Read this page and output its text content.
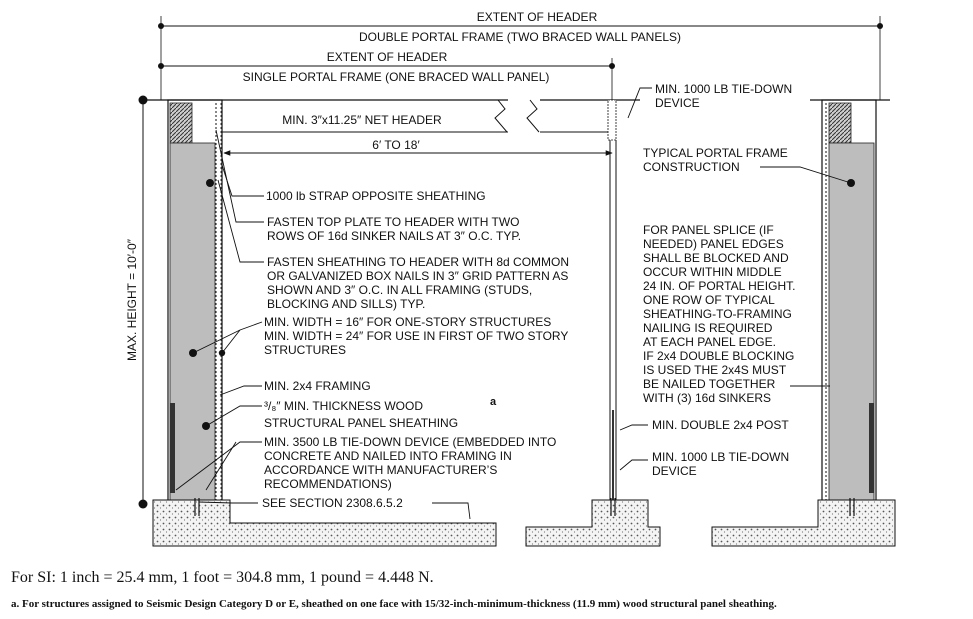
EXTENT OF HEADER
DOUBLE PORTAL FRAME (TWO BRACED WALL PANELS)
EXTENT OF HEADER
SINGLE PORTAL FRAME (ONE BRACED WALL PANEL)
MAX. HEIGHT = 10′-0″
MIN. 3″x11.25″ NET HEADER
6′ TO 18′
1000 lb STRAP OPPOSITE SHEATHING
FASTEN TOP PLATE TO HEADER WITH TWO
ROWS OF 16d SINKER NAILS AT 3″ O.C. TYP.
FASTEN SHEATHING TO HEADER WITH 8d COMMON
OR GALVANIZED BOX NAILS IN 3″ GRID PATTERN AS
SHOWN AND 3″ O.C. IN ALL FRAMING (STUDS,
BLOCKING AND SILLS) TYP.
MIN. WIDTH = 16″ FOR ONE-STORY STRUCTURES
MIN. WIDTH = 24″ FOR USE IN FIRST OF TWO STORY
STRUCTURES
MIN. 2x4 FRAMING
³/₈″ MIN. THICKNESS WOOD
STRUCTURAL PANEL SHEATHING
a
MIN. 3500 LB TIE-DOWN DEVICE (EMBEDDED INTO
CONCRETE AND NAILED INTO FRAMING IN
ACCORDANCE WITH MANUFACTURER’S
RECOMMENDATIONS)
SEE SECTION 2308.6.5.2
MIN. 1000 LB TIE-DOWN
DEVICE
TYPICAL PORTAL FRAME
CONSTRUCTION
FOR PANEL SPLICE (IF
NEEDED) PANEL EDGES
SHALL BE BLOCKED AND
OCCUR WITHIN MIDDLE
24 IN. OF PORTAL HEIGHT.
ONE ROW OF TYPICAL
SHEATHING-TO-FRAMING
NAILING IS REQUIRED
AT EACH PANEL EDGE.
IF 2x4 DOUBLE BLOCKING
IS USED THE 2x4S MUST
BE NAILED TOGETHER
WITH (3) 16d SINKERS
MIN. DOUBLE 2x4 POST
MIN. 1000 LB TIE-DOWN
DEVICE
For SI: 1 inch = 25.4 mm, 1 foot = 304.8 mm, 1 pound = 4.448 N.
a. For structures assigned to Seismic Design Category D or E, sheathed on one face with 15/32-inch-minimum-thickness (11.9 mm) wood structural panel sheathing.
